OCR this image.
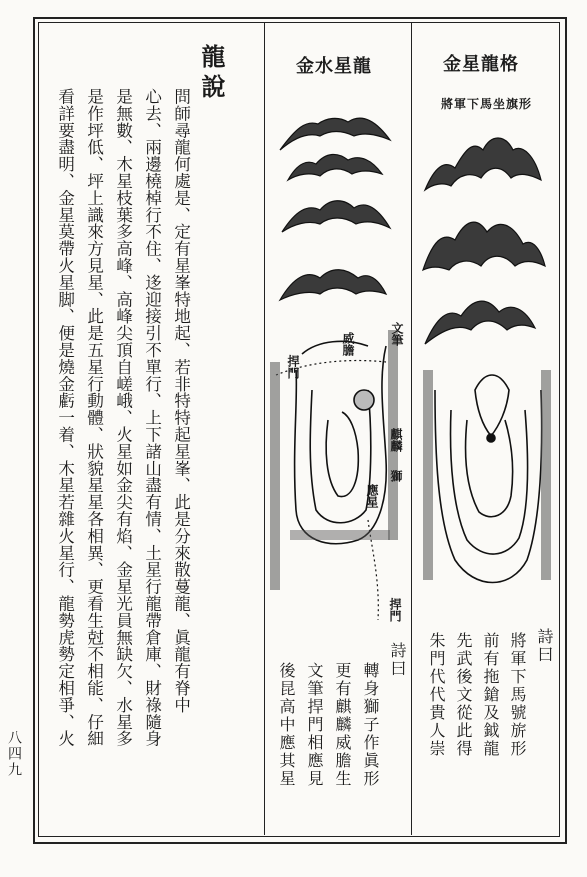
八四九
龍說
問師尋龍何處是、定有星峯特地起、若非特特起星峯、此是分來散蔓龍、眞龍有脊中
心去、兩邊橈棹行不住、迻迎接引不單行、上下諸山盡有情、土星行龍帶倉庫、財祿隨身
是無數、木星枝葉多高峰、高峰尖頂自嵯峨、火星如金尖有焰、金星光員無缺欠、水星多
是作坪低、坪上識來方見星、此是五星行動體、狀貌星星各相異、更看生尅不相能、仔細
看詳要盡明、金星莫帶火星脚、便是燒金虧一着、木星若雜火星行、龍勢虎勢定相爭、火
金水星龍
文筆
威膽
捍門
麒麟
獅
應星
捍門
詩曰
轉身獅子作眞形
更有麒麟威膽生
文筆捍門相應見
後昆高中應其星
金星龍格
將軍下馬坐旗形
詩曰
將軍下馬號旂形
前有拖鎗及鉞龍
先武後文從此得
朱門代代貴人崇
